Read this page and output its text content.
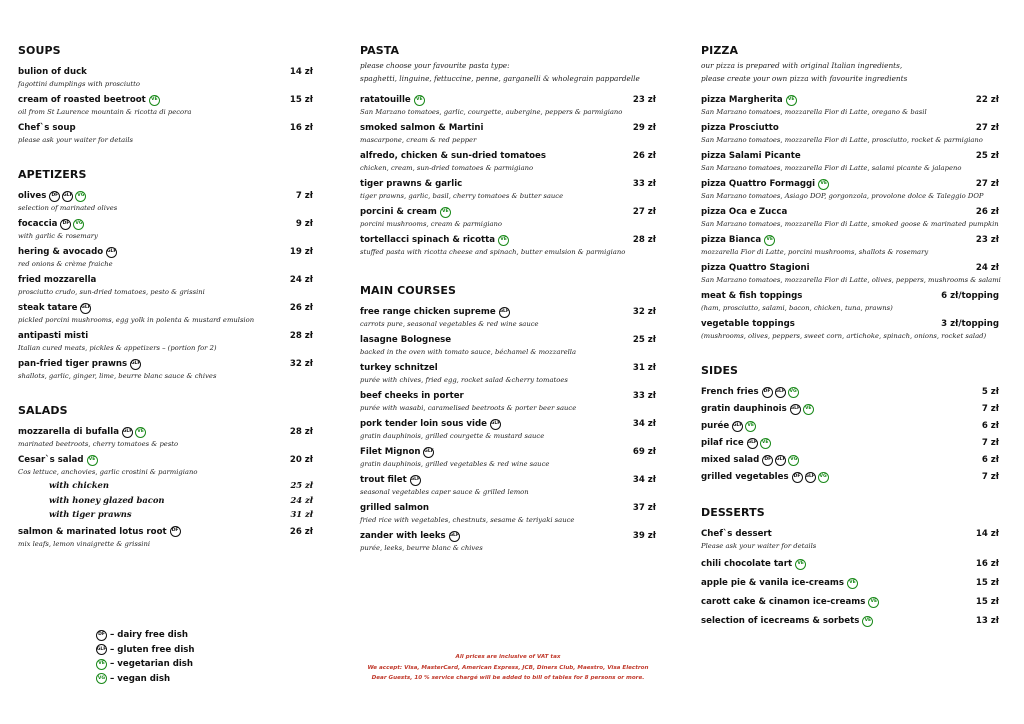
SOUPS
bulion of duck	14 zł
fagottini dumplings with prosciutto
cream of roasted beetroot	VE	15 zł
oil from St Laurence mountain & ricotta di pecora
Chef`s soup	16 zł
please ask your waiter for details
APETIZERS
olives	DF	GLF	VG	7 zł
selection of marinated olives
focaccia	DF	VG	9 zł
with garlic & rosemary
hering & avocado GLF	19 zł
red onions & crème fraiche
fried mozzarella	24 zł
prosciutto crudo, sun-dried tomatoes, pesto & grissini
steak tatare GLF	26 zł
pickled porcini mushrooms, egg yolk in polenta & mustard emulsion
antipasti misti	28 zł
Italian cured meats, pickles & appetizers – (portion for 2)
pan-fried tiger prawns GLF	32 zł
shallots, garlic, ginger, lime, beurre blanc sauce & chives
SALADS
mozzarella di bufalla GLF	VE	28 zł
marinated beetroots, cherry tomatoes & pesto
Cesar`s salad	VE	20 zł
Cos lettuce, anchovies, garlic crostini & parmigiano
with chicken	25 zł
with honey glazed bacon	24 zł
with tiger prawns	31 zł
salmon & marinated lotus root	DF	26 zł
mix leafs, lemon vinaigrette & grissini
DF – dairy free dish
GLF – gluten free dish
VE – vegetarian dish
VG – vegan dish
PASTA
please choose your favourite pasta type:
spaghetti, linguine, fettuccine, penne, garganelli & wholegrain pappardelle
ratatouille	VE	23 zł
San Marzano tomatoes, garlic, courgette, aubergine, peppers & parmigiano
smoked salmon & Martini	29 zł
mascarpone, cream & red pepper
alfredo, chicken & sun-dried tomatoes	26 zł
chicken, cream, sun-dried tomatoes & parmigiano
tiger prawns & garlic	33 zł
tiger prawns, garlic, basil, cherry tomatoes & butter sauce
porcini & cream	VE	27 zł
porcini mushrooms, cream & parmigiano
tortellacci spinach & ricotta	VE	28 zł
stuffed pasta with ricotta cheese and spinach, butter emulsion & parmigiano
MAIN COURSES
free range chicken supreme GLF	32 zł
carrots pure, seasonal vegetables & red wine sauce
lasagne Bolognese	25 zł
backed in the oven with tomato sauce, béchamel & mozzarella
turkey schnitzel	31 zł
purée with chives, fried egg, rocket salad &cherry tomatoes
beef cheeks in porter	33 zł
purée with wasabi, caramelised beetroots & porter beer sauce
pork tender loin sous vide GLF	34 zł
gratin dauphinois, grilled courgette & mustard sauce
Filet Mignon GLF	69 zł
gratin dauphinois, grilled vegetables & red wine sauce
trout filet GLF	34 zł
seasonal vegetables caper sauce & grilled lemon
grilled salmon	37 zł
fried rice with vegetables, chestnuts, sesame & teriyaki sauce
zander with leeks GLF	39 zł
purée, leeks, beurre blanc & chives
All prices are inclusive of VAT tax
We accept: Visa, MasterCard, American Express, JCB, Diners Club, Maestro, Visa Electron
Dear Guests, 10 % service chargé will be added to bill of tables for 8 persons or more.
PIZZA
our pizza is prepared with original Italian ingredients,
please create your own pizza with favourite ingredients
pizza Margherita	VE	22 zł
San Marzano tomatoes, mozzarella Fior di Latte, oregano & basil
pizza Prosciutto	27 zł
San Marzano tomatoes, mozzarella Fior di Latte, prosciutto, rocket & parmigiano
pizza Salami Picante	25 zł
San Marzano tomatoes, mozzarella Fior di Latte, salami picante & jalapeno
pizza Quattro Formaggi	VE	27 zł
San Marzano tomatoes, Asiago DOP, gorgonzola, provolone dolce & Taleggio DOP
pizza Oca e Zucca	26 zł
San Marzano tomatoes, mozzarella Fior di Latte, smoked goose & marinated pumpkin
pizza Bianca	VE	23 zł
mozzarella Fior di Latte, porcini mushrooms, shallots & rosemary
pizza Quattro Stagioni	24 zł
San Marzano tomatoes, mozzarella Fior di Latte, olives, peppers, mushrooms & salami
meat & fish toppings	6 zł/topping
(ham, prosciutto, salami, bacon, chicken, tuna, prawns)
vegetable toppings	3 zł/topping
(mushrooms, olives, peppers, sweet corn, artichoke, spinach, onions, rocket salad)
SIDES
French fries	DF	GLF	VG	5 zł
gratin dauphinois GLF	VE	7 zł
purée GLF	VE	6 zł
pilaf rice GLF	VE	7 zł
mixed salad	DF	GLF	VG	6 zł
grilled vegetables	DF	GLF	VG	7 zł
DESSERTS
Chef`s dessert	14 zł
Please ask your waiter for details
chili chocolate tart	VE	16 zł
apple pie & vanila ice-creams	VE	15 zł
carott cake & cinamon ice-creams	VE	15 zł
selection of icecreams & sorbets	VE	13 zł
